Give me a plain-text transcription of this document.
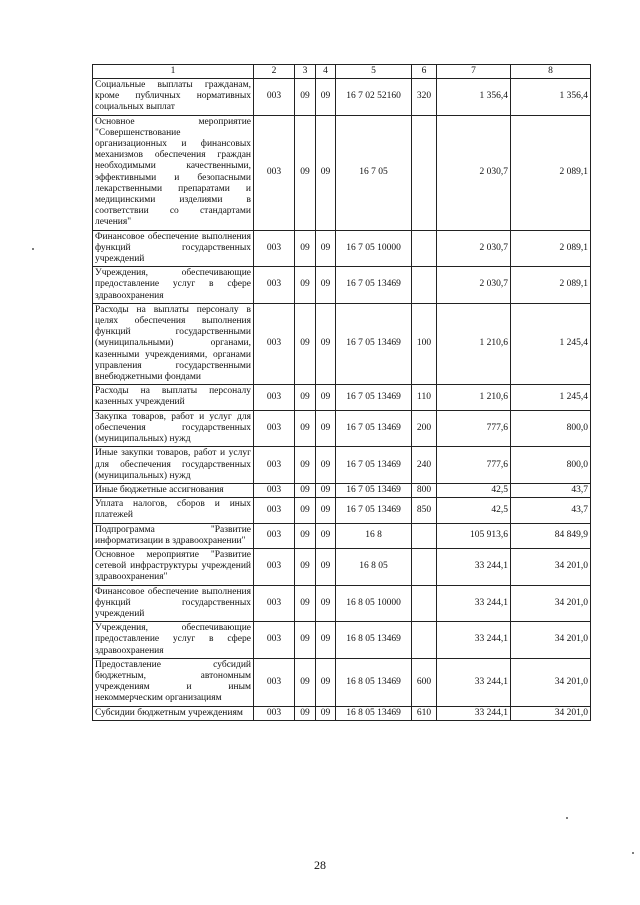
1	2	3	4	5	6	7	8
Социальные выплаты гражданам, кроме публичных нормативных социальных выплат	003	09	09	16 7 02 52160	320	1 356,4	1 356,4
Основное мероприятие "Совершенствование организационных и финансовых механизмов обеспечения граждан необходимыми качественными, эффективными и безопасными лекарственными препаратами и медицинскими изделиями в соответствии со стандартами лечения"	003	09	09	16 7 05		2 030,7	2 089,1
Финансовое обеспечение выполнения функций государственных учреждений	003	09	09	16 7 05 10000		2 030,7	2 089,1
Учреждения, обеспечивающие предоставление услуг в сфере здравоохранения	003	09	09	16 7 05 13469		2 030,7	2 089,1
Расходы на выплаты персоналу в целях обеспечения выполнения функций государственными (муниципальными) органами, казенными учреждениями, органами управления государственными внебюджетными фондами	003	09	09	16 7 05 13469	100	1 210,6	1 245,4
Расходы на выплаты персоналу казенных учреждений	003	09	09	16 7 05 13469	110	1 210,6	1 245,4
Закупка товаров, работ и услуг для обеспечения государственных (муниципальных) нужд	003	09	09	16 7 05 13469	200	777,6	800,0
Иные закупки товаров, работ и услуг для обеспечения государственных (муниципальных) нужд	003	09	09	16 7 05 13469	240	777,6	800,0
Иные бюджетные ассигнования	003	09	09	16 7 05 13469	800	42,5	43,7
Уплата налогов, сборов и иных платежей	003	09	09	16 7 05 13469	850	42,5	43,7
Подпрограмма "Развитие информатизации в здравоохранении"	003	09	09	16 8		105 913,6	84 849,9
Основное мероприятие "Развитие сетевой инфраструктуры учреждений здравоохранения"	003	09	09	16 8 05		33 244,1	34 201,0
Финансовое обеспечение выполнения функций государственных учреждений	003	09	09	16 8 05 10000		33 244,1	34 201,0
Учреждения, обеспечивающие предоставление услуг в сфере здравоохранения	003	09	09	16 8 05 13469		33 244,1	34 201,0
Предоставление субсидий бюджетным, автономным учреждениям и иным некоммерческим организациям	003	09	09	16 8 05 13469	600	33 244,1	34 201,0
Субсидии бюджетным учреждениям	003	09	09	16 8 05 13469	610	33 244,1	34 201,0
28
